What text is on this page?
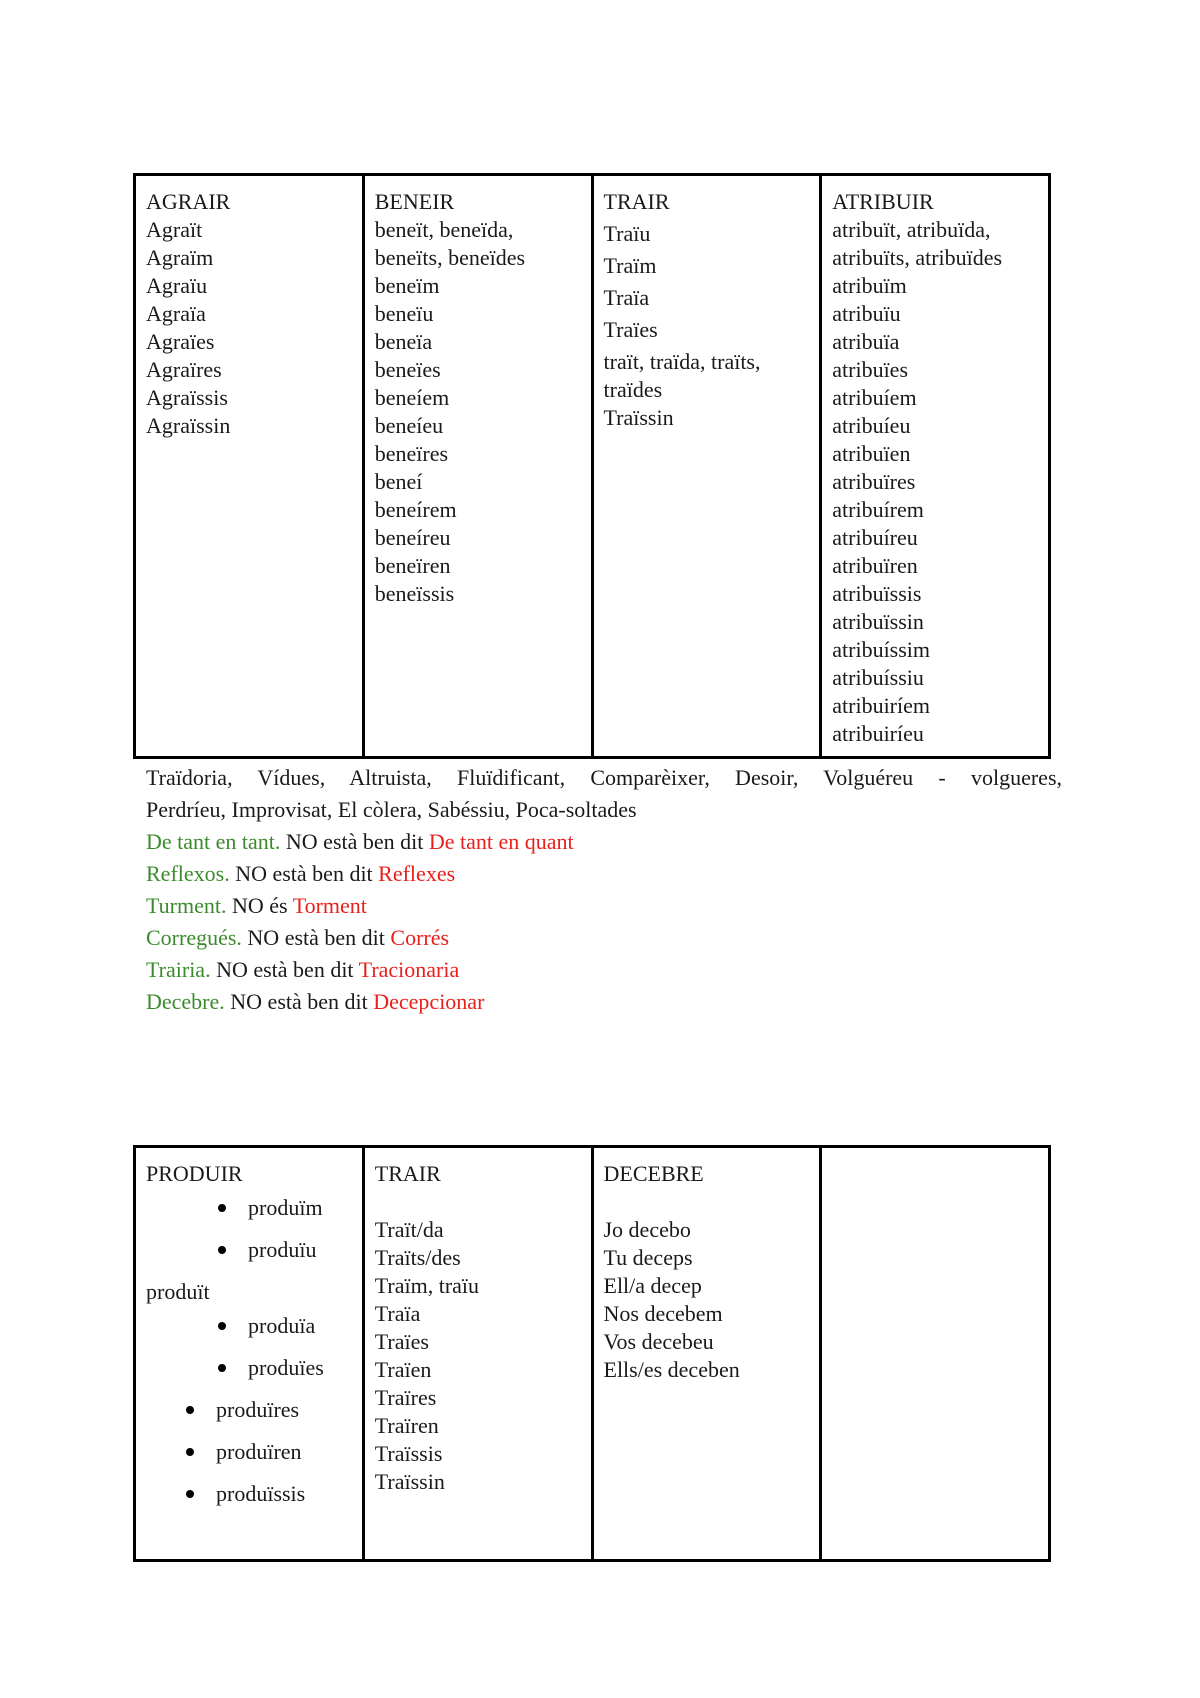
AGRAIR
Agraït
Agraïm
Agraïu
Agraïa
Agraïes
Agraïres
Agraïssis
Agraïssin
BENEIR
beneït, beneïda,
beneïts, beneïdes
beneïm
beneïu
beneïa
beneïes
beneíem
beneíeu
beneïres
beneí
beneírem
beneíreu
beneïren
beneïssis
TRAIR
Traïu
Traïm
Traïa
Traïes
traït, traïda, traïts,
traïdes
Traïssin
ATRIBUIR
atribuït, atribuïda,
atribuïts, atribuïdes
atribuïm
atribuïu
atribuïa
atribuïes
atribuíem
atribuíeu
atribuïen
atribuïres
atribuírem
atribuíreu
atribuïren
atribuïssis
atribuïssin
atribuíssim
atribuíssiu
atribuiríem
atribuiríeu
Traïdoria, Vídues, Altruista, Fluïdificant, Comparèixer, Desoir, Volguéreu - volgueres,
Perdríeu, Improvisat, El còlera, Sabéssiu, Poca-soltades
De tant en tant. NO està ben dit De tant en quant
Reflexos. NO està ben dit Reflexes
Turment. NO és Torment
Corregués. NO està ben dit Corrés
Trairia. NO està ben dit Tracionaria
Decebre. NO està ben dit Decepcionar
PRODUIR
produïm
produïu
produït
produïa
produïes
produïres
produïren
produïssis
TRAIR
Traït/da
Traïts/des
Traïm, traïu
Traïa
Traïes
Traïen
Traïres
Traïren
Traïssis
Traïssin
DECEBRE
Jo decebo
Tu deceps
Ell/a decep
Nos decebem
Vos decebeu
Ells/es deceben
